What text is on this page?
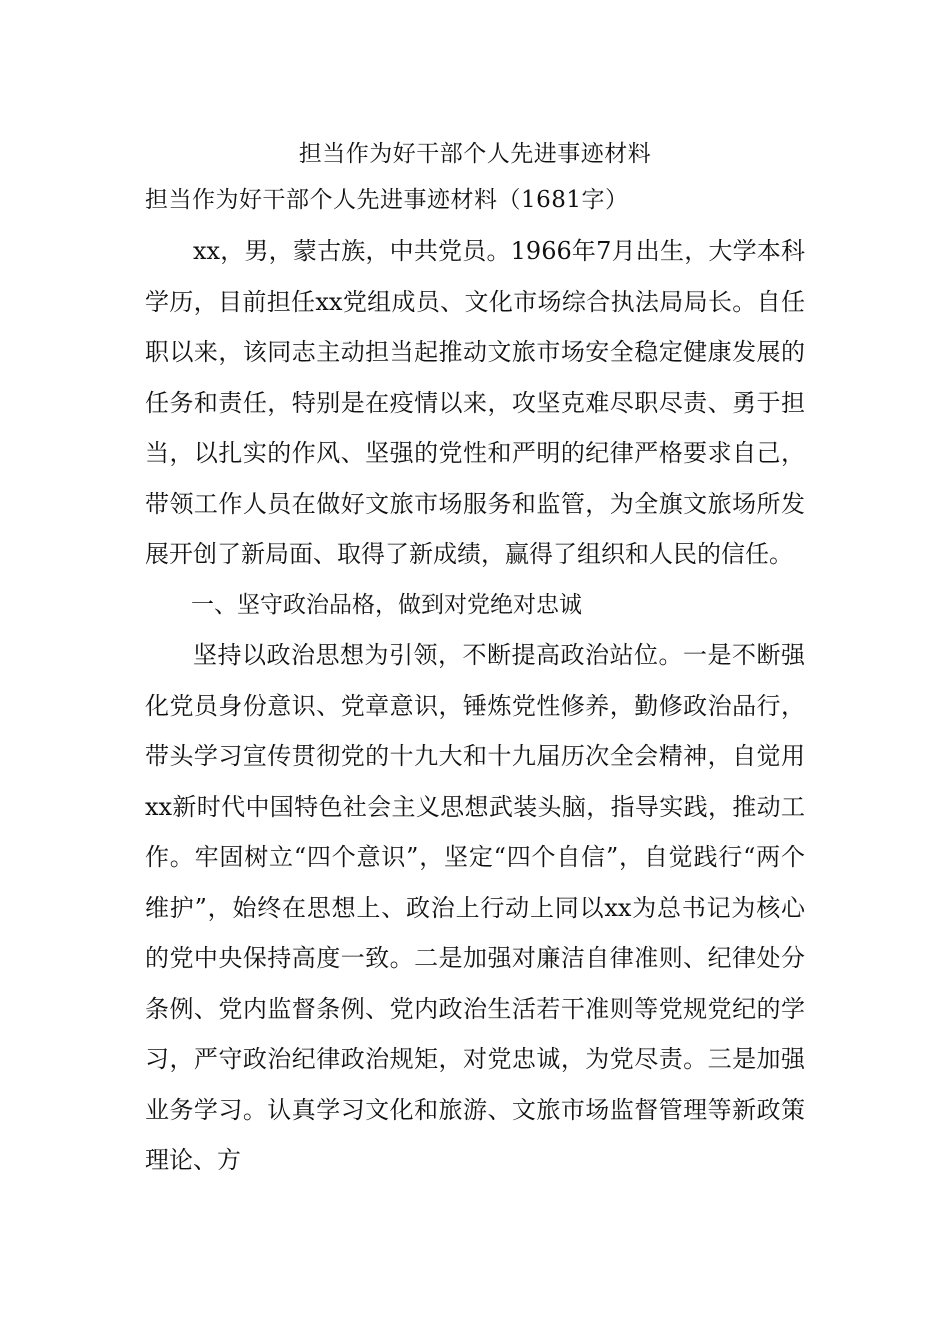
担当作为好干部个人先进事迹材料

担当作为好干部个人先进事迹材料（1681字）

xx，男，蒙古族，中共党员。1966年7月出生，大学本科学历，目前担任xx党组成员、文化市场综合执法局局长。自任职以来，该同志主动担当起推动文旅市场安全稳定健康发展的任务和责任，特别是在疫情以来，攻坚克难尽职尽责、勇于担当，以扎实的作风、坚强的党性和严明的纪律严格要求自己，带领工作人员在做好文旅市场服务和监管，为全旗文旅场所发展开创了新局面、取得了新成绩，赢得了组织和人民的信任。

一、坚守政治品格，做到对党绝对忠诚

坚持以政治思想为引领，不断提高政治站位。一是不断强化党员身份意识、党章意识，锤炼党性修养，勤修政治品行，带头学习宣传贯彻党的十九大和十九届历次全会精神，自觉用xx新时代中国特色社会主义思想武装头脑，指导实践，推动工作。牢固树立“四个意识”，坚定“四个自信”，自觉践行“两个维护”，始终在思想上、政治上行动上同以xx为总书记为核心的党中央保持高度一致。二是加强对廉洁自律准则、纪律处分条例、党内监督条例、党内政治生活若干准则等党规党纪的学习，严守政治纪律政治规矩，对党忠诚，为党尽责。三是加强业务学习。认真学习文化和旅游、文旅市场监督管理等新政策理论、方
